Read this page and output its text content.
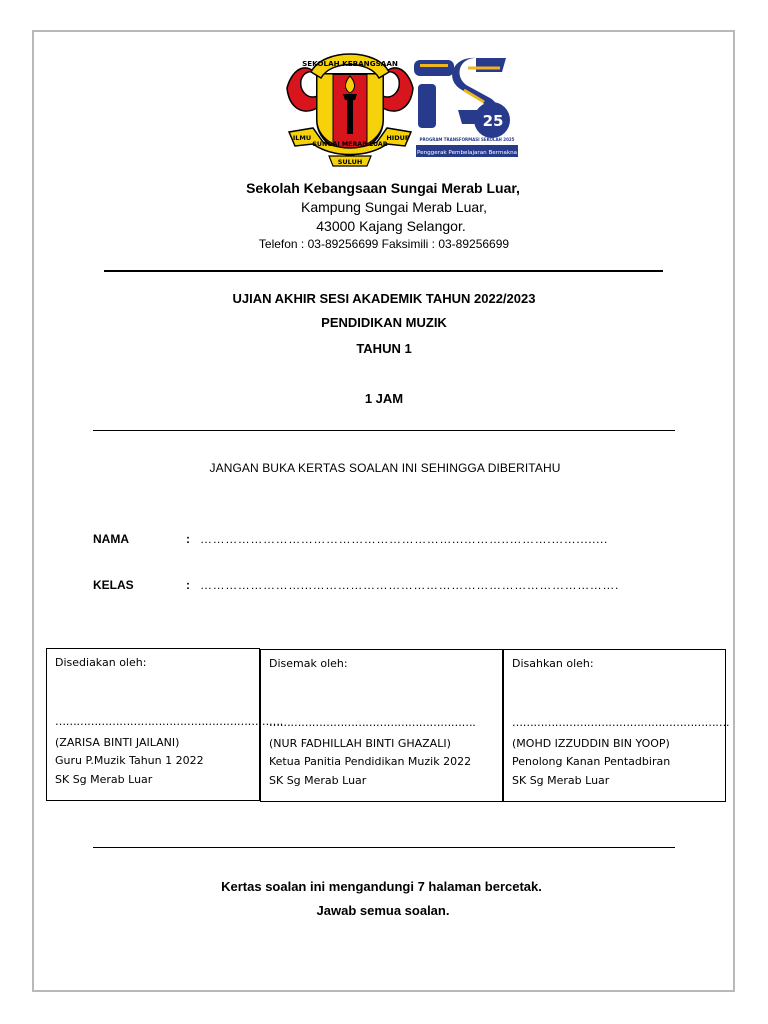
SEKOLAH KEBANGSAAN
SUNGAI MERAB LUAR
ILMU	HIDUP
SULUH
25
PROGRAM TRANSFORMASI SEKOLAH 2025
Penggerak Pembelajaran Bermakna
Sekolah Kebangsaan Sungai Merab Luar,
Kampung Sungai Merab Luar,
43000 Kajang Selangor.
Telefon : 03-89256699 Faksimili : 03-89256699
UJIAN AKHIR SESI AKADEMIK TAHUN 2022/2023
PENDIDIKAN MUZIK
TAHUN 1
1 JAM
JANGAN BUKA KERTAS SOALAN INI SEHINGGA DIBERITAHU
NAMA	: ……………………………………………………...………..……….……........
KELAS	: ……………………...……………………………………………………………….
Disediakan oleh:
……………………………………………………….
(ZARISA BINTI JAILANI)
Guru P.Muzik Tahun 1 2022
SK Sg Merab Luar
Disemak oleh:
………………………………………………….
(NUR FADHILLAH BINTI GHAZALI)
Ketua Panitia Pendidikan Muzik 2022
SK Sg Merab Luar
Disahkan oleh:
…………………………………………………….
(MOHD IZZUDDIN BIN YOOP)
Penolong Kanan Pentadbiran
SK Sg Merab Luar
Kertas soalan ini mengandungi 7 halaman bercetak.
Jawab semua soalan.
